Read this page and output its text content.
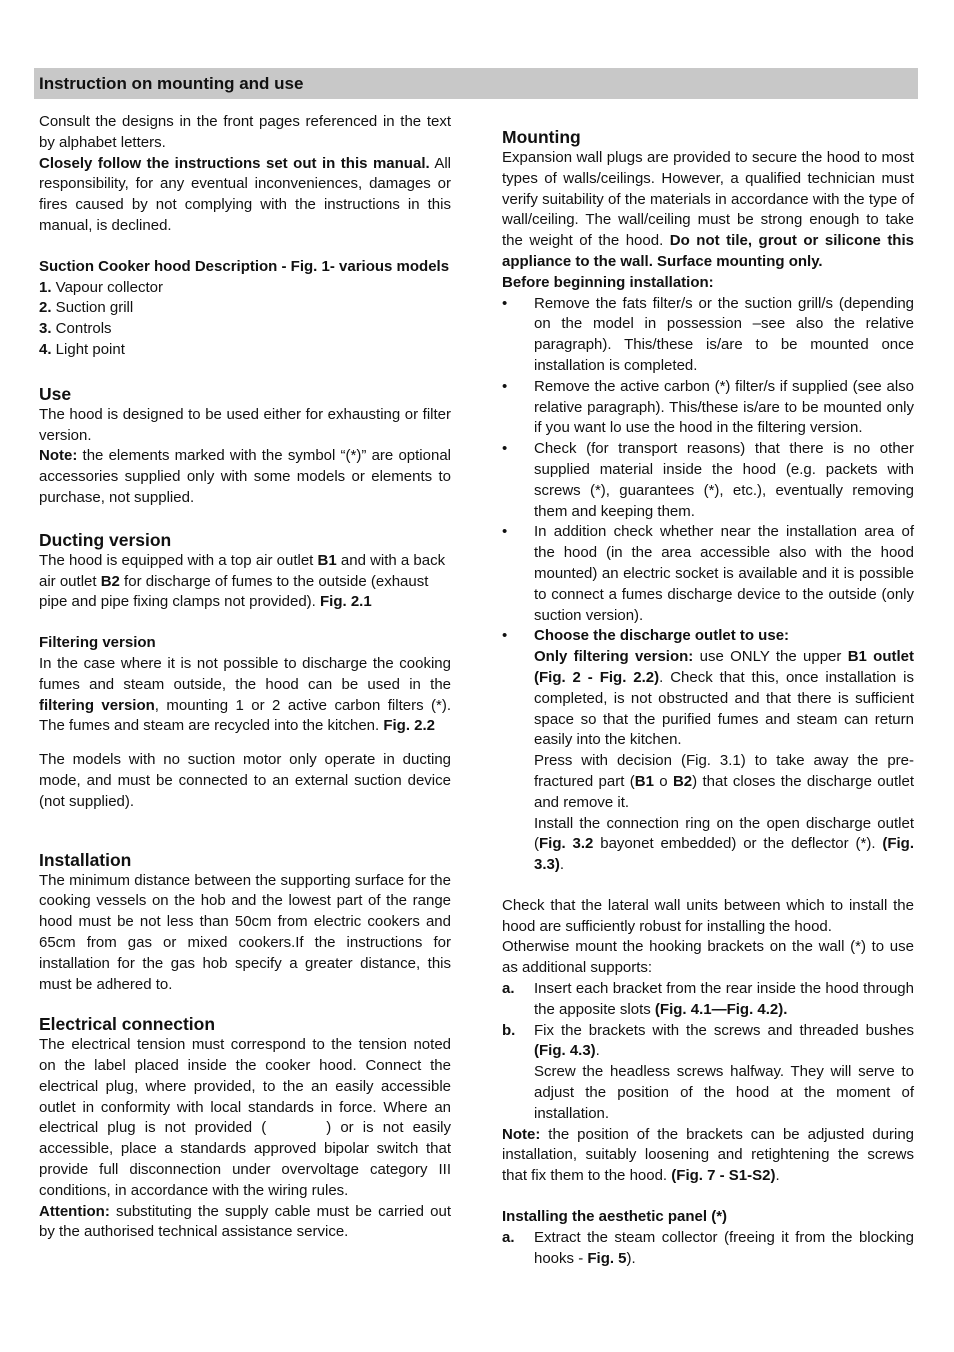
Instruction on mounting and use

Consult the designs in the front pages referenced in the text by alphabet letters.

Closely follow the instructions set out in this manual. All responsibility, for any eventual inconveniences, damages or fires caused by not complying with the instructions in this manual, is declined.

Suction Cooker hood Description - Fig. 1- various models

1. Vapour collector

2. Suction grill

3. Controls

4. Light point

Use

The hood is designed to be used either for exhausting or filter version.

Note: the elements marked with the symbol “(*)” are optional accessories supplied only with some models or elements to purchase, not supplied.

Ducting version

The hood is equipped with a top air outlet B1 and with a back air outlet B2 for discharge of fumes to the outside (exhaust pipe and pipe fixing clamps not provided). Fig. 2.1

Filtering version

In the case where it is not possible to discharge the cooking fumes and steam outside, the hood can be used in the filtering version, mounting 1 or 2 active carbon filters (*). The fumes and steam are recycled into the kitchen. Fig. 2.2

The models with no suction motor only operate in ducting mode, and must be connected to an external suction device (not supplied).

Installation

The minimum distance between the supporting surface for the cooking vessels on the hob and the lowest part of the range hood must be not less than 50cm from electric cookers and 65cm from gas or mixed cookers.If the instructions for installation for the gas hob specify a greater distance, this must be adhered to.

Electrical connection

The electrical tension must correspond to the tension noted on the label placed inside the cooker hood. Connect the electrical plug, where provided, to the an easily accessible outlet in conformity with local standards in force. Where an electrical plug is not provided (	) or is not easily accessible, place a standards approved bipolar switch that provide full disconnection under overvoltage category III conditions, in accordance with the wiring rules.

Attention: substituting the supply cable must be carried out by the authorised technical assistance service.

Mounting

Expansion wall plugs are provided to secure the hood to most types of walls/ceilings. However, a qualified technician must verify suitability of the materials in accordance with the type of wall/ceiling. The wall/ceiling must be strong enough to take the weight of the hood. Do not tile, grout or silicone this appliance to the wall. Surface mounting only.

Before beginning installation:

• Remove the fats filter/s or the suction grill/s (depending on the model in possession –see also the relative paragraph). This/these is/are to be mounted once installation is completed.
• Remove the active carbon (*) filter/s if supplied (see also relative paragraph). This/these is/are to be mounted only if you want lo use the hood in the filtering version.
• Check (for transport reasons) that there is no other supplied material inside the hood (e.g. packets with screws (*), guarantees (*), etc.), eventually removing them and keeping them.
• In addition check whether near the installation area of the hood (in the area accessible also with the hood mounted) an electric socket is available and it is possible to connect a fumes discharge device to the outside (only suction version).
• Choose the discharge outlet to use:

Only filtering version: use ONLY the upper B1 outlet (Fig. 2 - Fig. 2.2). Check that this, once installation is completed, is not obstructed and that there is sufficient space so that the purified fumes and steam can return easily into the kitchen.

Press with decision (Fig. 3.1) to take away the pre-fractured part (B1 o B2) that closes the discharge outlet and remove it.

Install the connection ring on the open discharge outlet (Fig. 3.2 bayonet embedded) or the deflector (*). (Fig. 3.3).

Check that the lateral wall units between which to install the hood are sufficiently robust for installing the hood.

Otherwise mount the hooking brackets on the wall (*) to use as additional supports:

a. Insert each bracket from the rear inside the hood through the apposite slots (Fig. 4.1—Fig. 4.2).
b. Fix the brackets with the screws and threaded bushes (Fig. 4.3).

Screw the headless screws halfway. They will serve to adjust the position of the hood at the moment of installation.

Note: the position of the brackets can be adjusted during installation, suitably loosening and retightening the screws that fix them to the hood. (Fig. 7 - S1-S2).

Installing the aesthetic panel (*)

a. Extract the steam collector (freeing it from the blocking hooks - Fig. 5).
